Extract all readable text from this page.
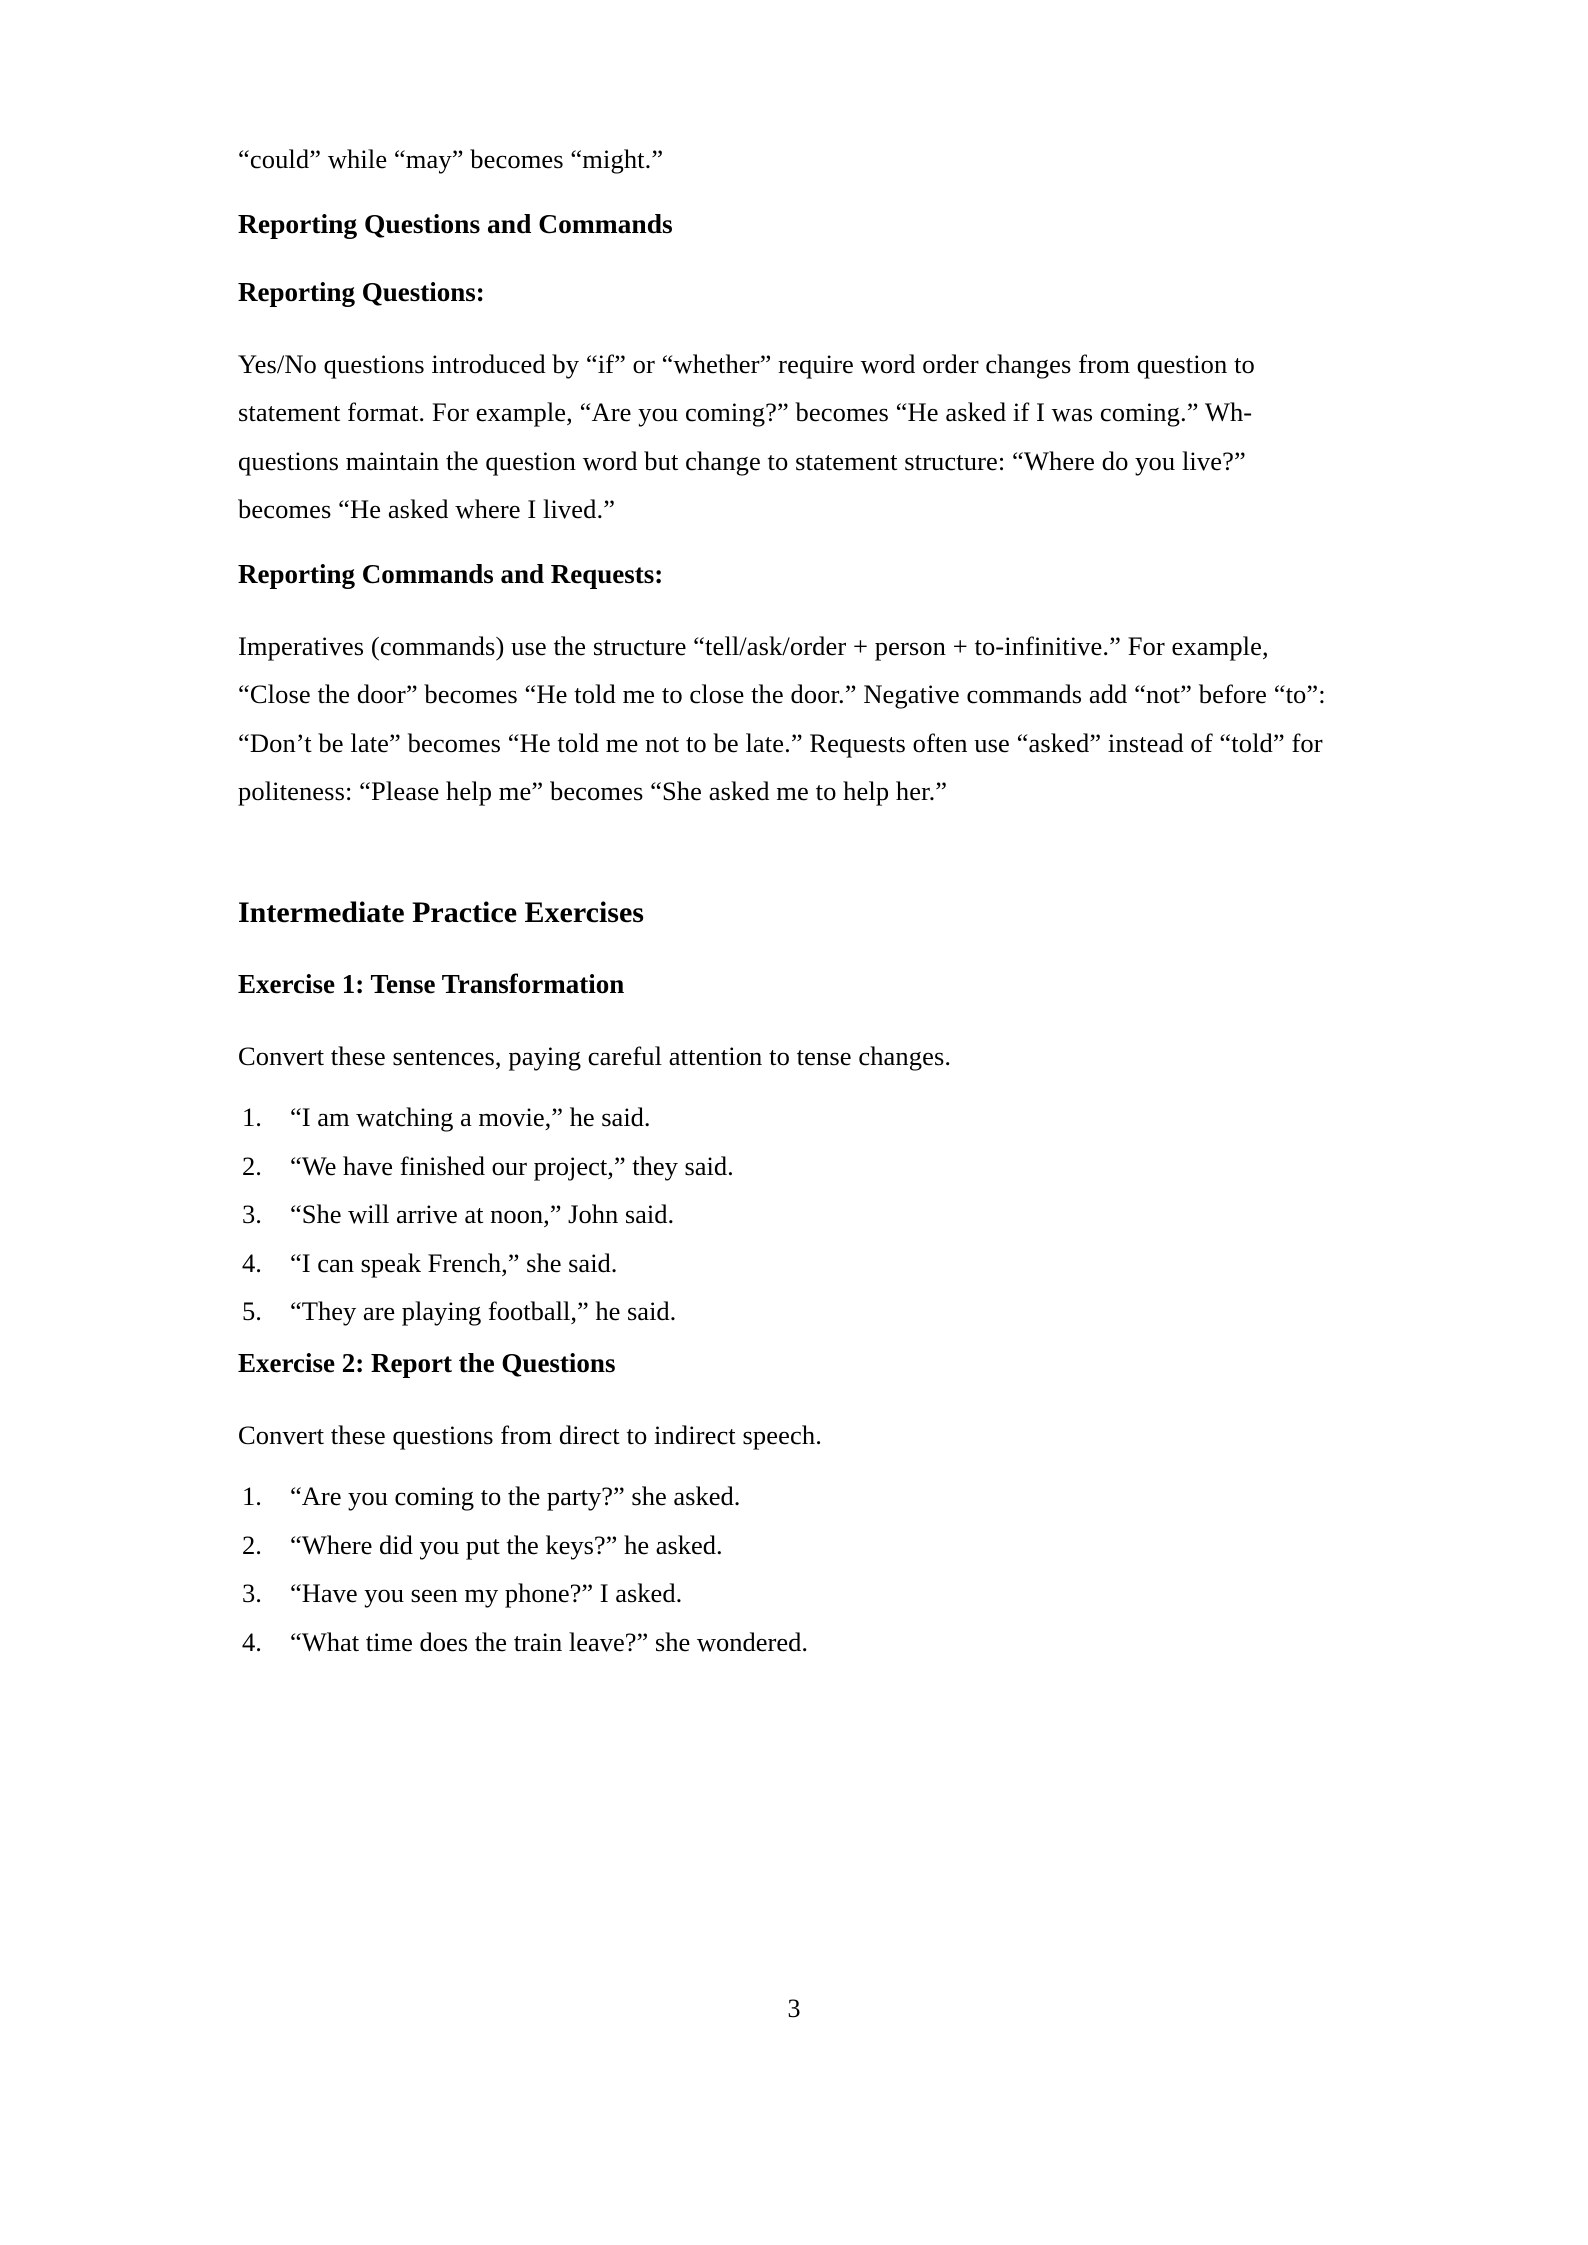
“could” while “may” becomes “might.”

Reporting Questions and Commands
Reporting Questions:

Yes/No questions introduced by “if” or “whether” require word order changes from question to statement format. For example, “Are you coming?” becomes “He asked if I was coming.” Wh-questions maintain the question word but change to statement structure: “Where do you live?” becomes “He asked where I lived.”

Reporting Commands and Requests:

Imperatives (commands) use the structure “tell/ask/order + person + to-infinitive.” For example, “Close the door” becomes “He told me to close the door.” Negative commands add “not” before “to”: “Don’t be late” becomes “He told me not to be late.” Requests often use “asked” instead of “told” for politeness: “Please help me” becomes “She asked me to help her.”

Intermediate Practice Exercises
Exercise 1: Tense Transformation

Convert these sentences, paying careful attention to tense changes.

1.	“I am watching a movie,” he said.
2.	“We have finished our project,” they said.
3.	“She will arrive at noon,” John said.
4.	“I can speak French,” she said.
5.	“They are playing football,” he said.
Exercise 2: Report the Questions

Convert these questions from direct to indirect speech.

1.	“Are you coming to the party?” she asked.
2.	“Where did you put the keys?” he asked.
3.	“Have you seen my phone?” I asked.
4.	“What time does the train leave?” she wondered.
3
